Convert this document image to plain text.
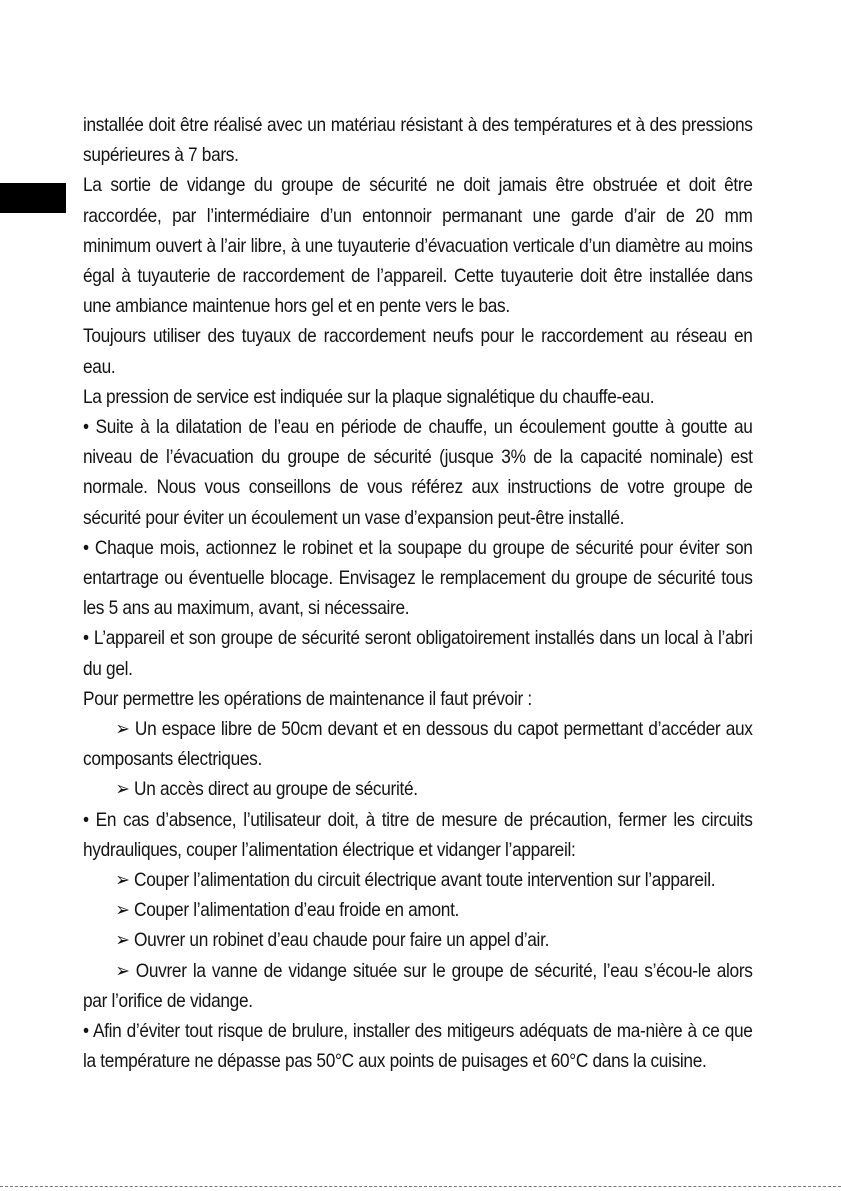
installée doit être réalisé avec un matériau résistant à des températures et à des pressions supérieures à 7 bars.

La sortie de vidange du groupe de sécurité ne doit jamais être obstruée et doit être raccordée, par l’intermédiaire d’un entonnoir permanant une garde d’air de 20 mm minimum ouvert à l’air libre, à une tuyauterie d’évacuation verticale d’un diamètre au moins égal à tuyauterie de raccordement de l’appareil. Cette tuyauterie doit être installée dans une ambiance maintenue hors gel et en pente vers le bas.

Toujours utiliser des tuyaux de raccordement neufs pour le raccordement au réseau en eau.

La pression de service est indiquée sur la plaque signalétique du chauffe-eau.

• Suite à la dilatation de l’eau en période de chauffe, un écoulement goutte à goutte au niveau de l’évacuation du groupe de sécurité (jusque 3% de la capacité nominale) est normale. Nous vous conseillons de vous référez aux instructions de votre groupe de sécurité pour éviter un écoulement un vase d’expansion peut-être installé.

• Chaque mois, actionnez le robinet et la soupape du groupe de sécurité pour éviter son entartrage ou éventuelle blocage. Envisagez le remplacement du groupe de sécurité tous les 5 ans au maximum, avant, si nécessaire.

• L’appareil et son groupe de sécurité seront obligatoirement installés dans un local à l’abri du gel.

Pour permettre les opérations de maintenance il faut prévoir :

➢ Un espace libre de 50cm devant et en dessous du capot permettant d’accéder aux composants électriques.

➢ Un accès direct au groupe de sécurité.

• En cas d’absence, l’utilisateur doit, à titre de mesure de précaution, fermer les circuits hydrauliques, couper l’alimentation électrique et vidanger l’appareil:

➢ Couper l’alimentation du circuit électrique avant toute intervention sur l’appareil.

➢ Couper l’alimentation d’eau froide en amont.

➢ Ouvrer un robinet d’eau chaude pour faire un appel d’air.

➢ Ouvrer la vanne de vidange située sur le groupe de sécurité, l’eau s’écou-le alors par l’orifice de vidange.

• Afin d’éviter tout risque de brulure, installer des mitigeurs adéquats de ma-nière à ce que la température ne dépasse pas 50°C aux points de puisages et 60°C dans la cuisine.
